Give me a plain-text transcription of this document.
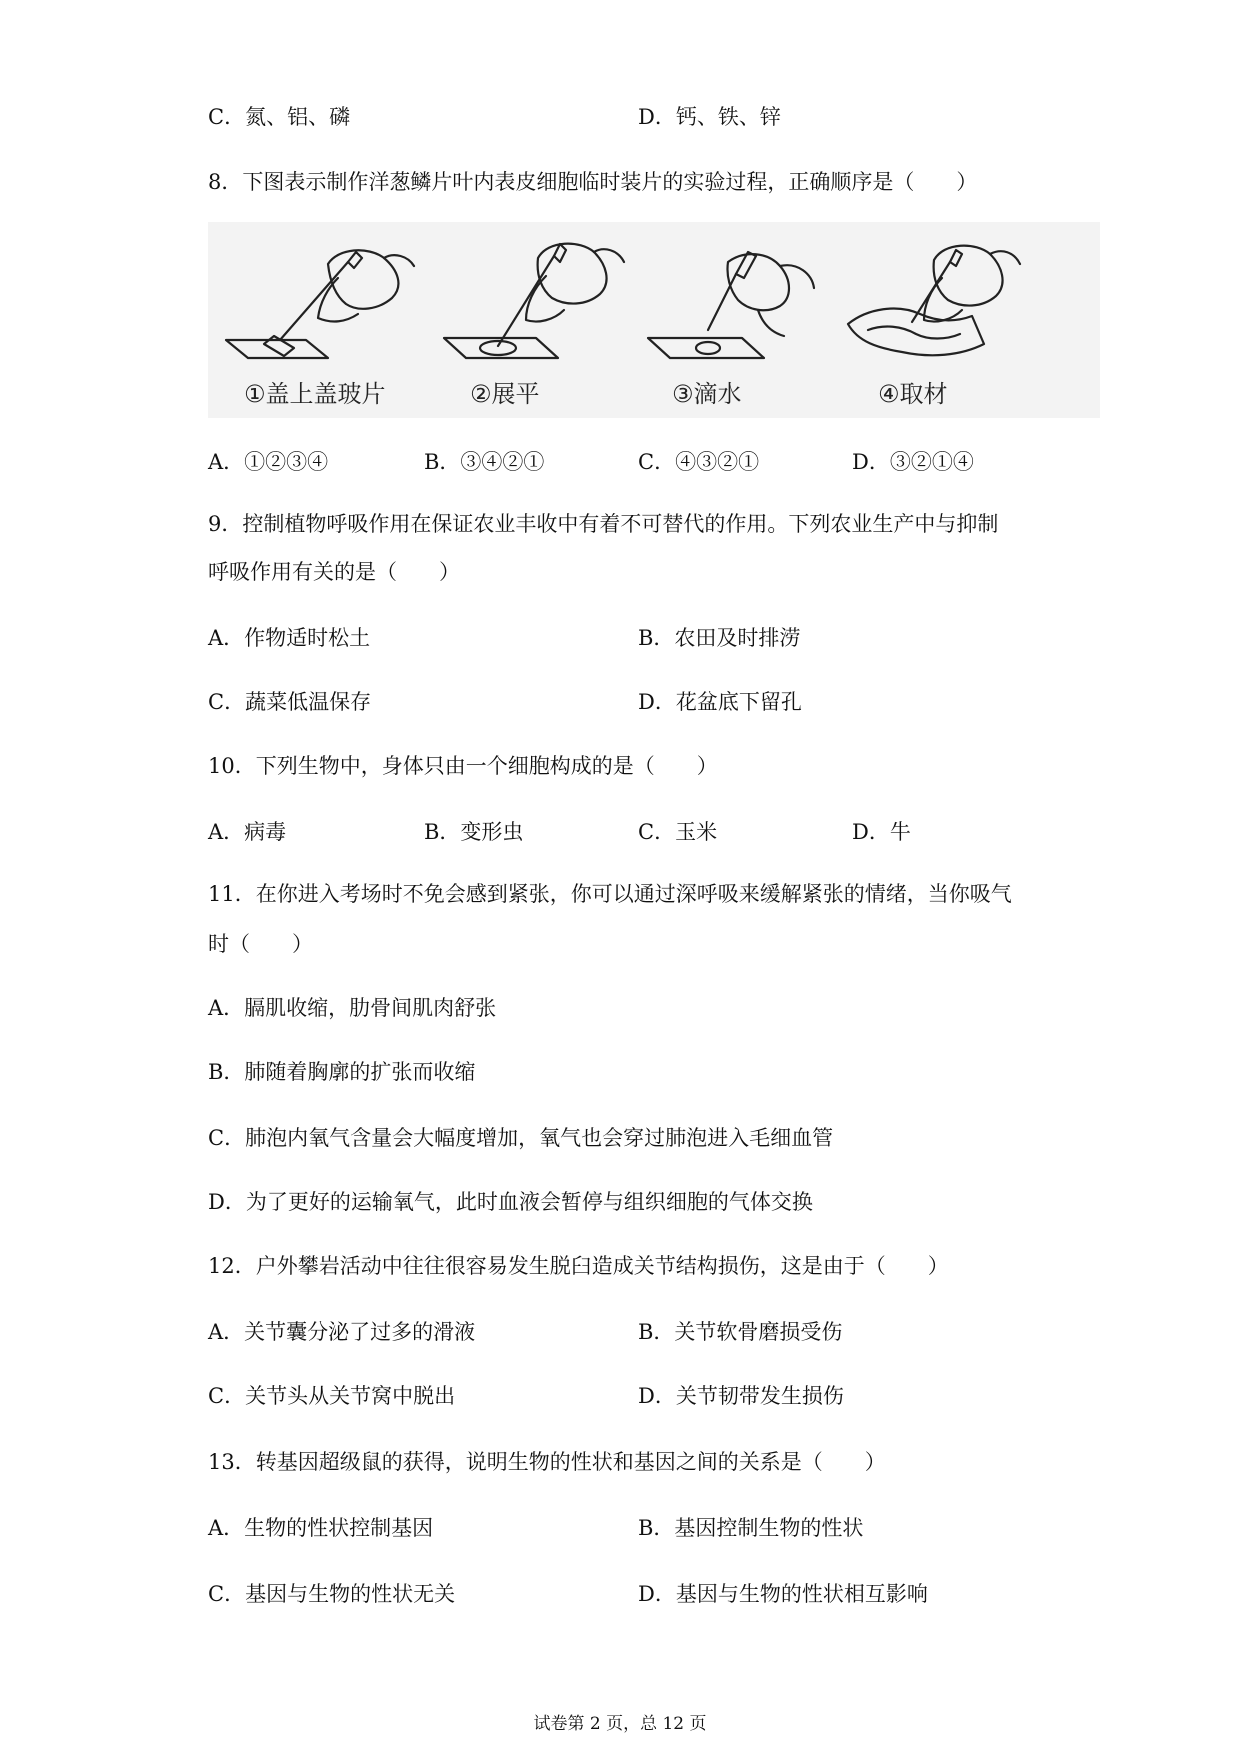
C．氮、铝、磷	D．钙、铁、锌
8．下图表示制作洋葱鳞片叶内表皮细胞临时装片的实验过程，正确顺序是（　　）
①盖上盖玻片	②展平	③滴水	④取材
A．①②③④	B．③④②①	C．④③②①	D．③②①④
9．控制植物呼吸作用在保证农业丰收中有着不可替代的作用。下列农业生产中与抑制
呼吸作用有关的是（　　）
A．作物适时松土	B．农田及时排涝
C．蔬菜低温保存	D．花盆底下留孔
10．下列生物中，身体只由一个细胞构成的是（　　）
A．病毒	B．变形虫	C．玉米	D．牛
11．在你进入考场时不免会感到紧张，你可以通过深呼吸来缓解紧张的情绪，当你吸气
时（　　）
A．膈肌收缩，肋骨间肌肉舒张
B．肺随着胸廓的扩张而收缩
C．肺泡内氧气含量会大幅度增加，氧气也会穿过肺泡进入毛细血管
D．为了更好的运输氧气，此时血液会暂停与组织细胞的气体交换
12．户外攀岩活动中往往很容易发生脱臼造成关节结构损伤，这是由于（　　）
A．关节囊分泌了过多的滑液	B．关节软骨磨损受伤
C．关节头从关节窝中脱出	D．关节韧带发生损伤
13．转基因超级鼠的获得，说明生物的性状和基因之间的关系是（　　）
A．生物的性状控制基因	B．基因控制生物的性状
C．基因与生物的性状无关	D．基因与生物的性状相互影响
试卷第 2 页，总 12 页
